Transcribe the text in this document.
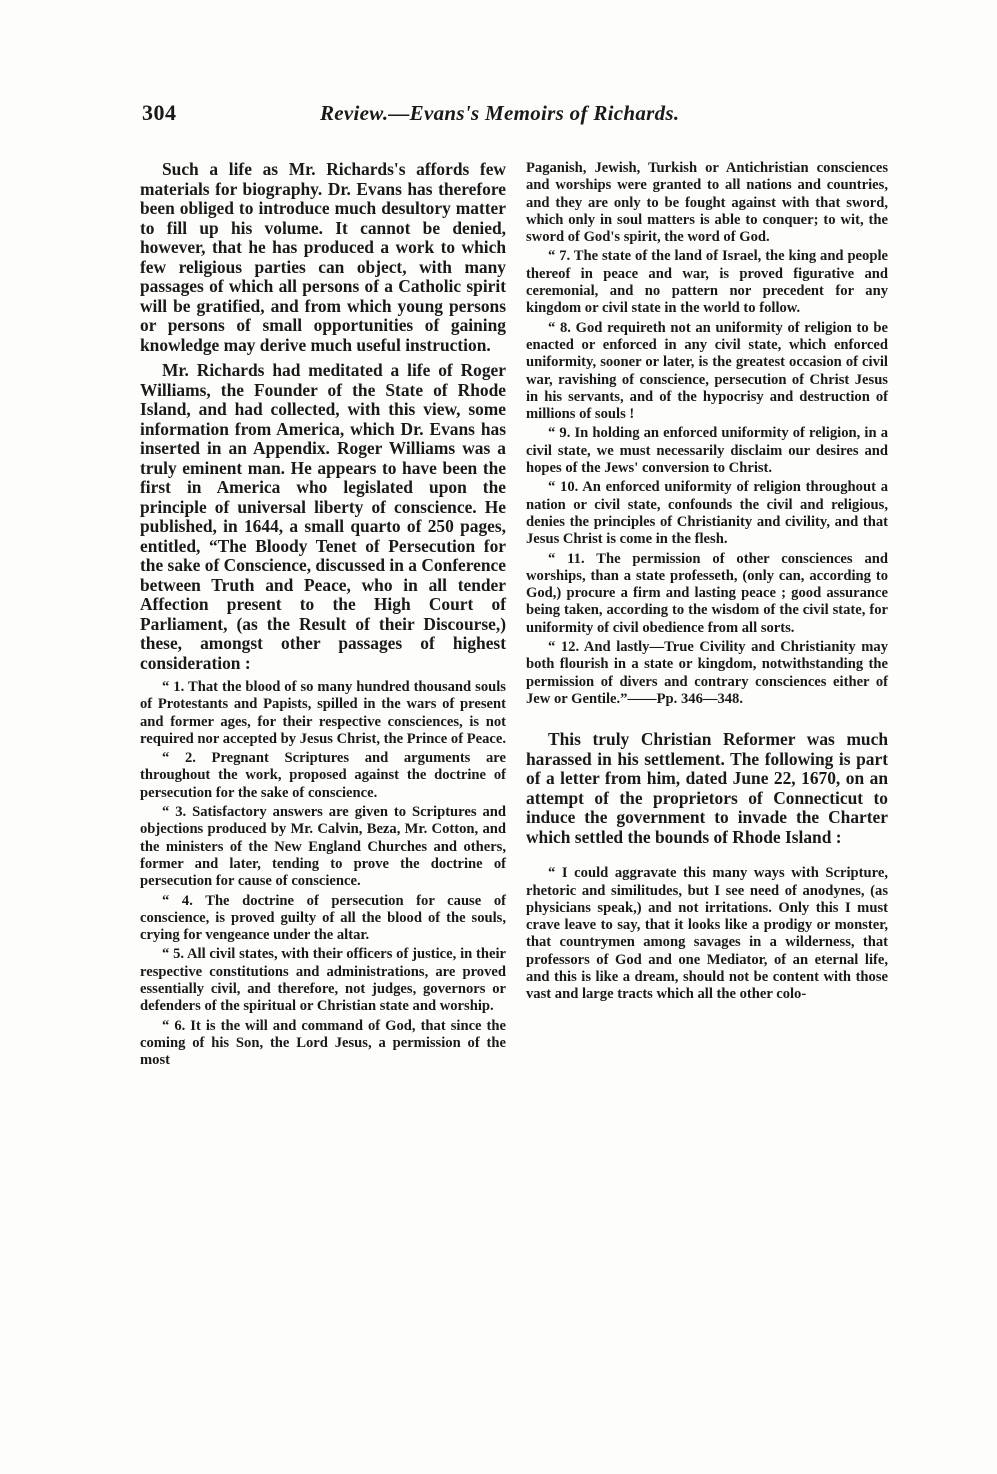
304	Review.—Evans's Memoirs of Richards.

Such a life as Mr. Richards's affords few materials for biography. Dr. Evans has therefore been obliged to introduce much desultory matter to fill up his volume. It cannot be denied, however, that he has produced a work to which few religious parties can object, with many passages of which all persons of a Catholic spirit will be gratified, and from which young persons or persons of small opportunities of gaining knowledge may derive much useful instruction.

Mr. Richards had meditated a life of Roger Williams, the Founder of the State of Rhode Island, and had collected, with this view, some information from America, which Dr. Evans has inserted in an Appendix. Roger Williams was a truly eminent man. He appears to have been the first in America who legislated upon the principle of universal liberty of conscience. He published, in 1644, a small quarto of 250 pages, entitled, “The Bloody Tenet of Persecution for the sake of Conscience, discussed in a Conference between Truth and Peace, who in all tender Affection present to the High Court of Parliament, (as the Result of their Discourse,) these, amongst other passages of highest consideration :

“ 1. That the blood of so many hundred thousand souls of Protestants and Papists, spilled in the wars of present and former ages, for their respective consciences, is not required nor accepted by Jesus Christ, the Prince of Peace.

“ 2. Pregnant Scriptures and arguments are throughout the work, proposed against the doctrine of persecution for the sake of conscience.

“ 3. Satisfactory answers are given to Scriptures and objections produced by Mr. Calvin, Beza, Mr. Cotton, and the ministers of the New England Churches and others, former and later, tending to prove the doctrine of persecution for cause of conscience.

“ 4. The doctrine of persecution for cause of conscience, is proved guilty of all the blood of the souls, crying for vengeance under the altar.

“ 5. All civil states, with their officers of justice, in their respective constitutions and administrations, are proved essentially civil, and therefore, not judges, governors or defenders of the spiritual or Christian state and worship.

“ 6. It is the will and command of God, that since the coming of his Son, the Lord Jesus, a permission of the most

Paganish, Jewish, Turkish or Antichristian consciences and worships were granted to all nations and countries, and they are only to be fought against with that sword, which only in soul matters is able to conquer; to wit, the sword of God's spirit, the word of God.

“ 7. The state of the land of Israel, the king and people thereof in peace and war, is proved figurative and ceremonial, and no pattern nor precedent for any kingdom or civil state in the world to follow.

“ 8. God requireth not an uniformity of religion to be enacted or enforced in any civil state, which enforced uniformity, sooner or later, is the greatest occasion of civil war, ravishing of conscience, persecution of Christ Jesus in his servants, and of the hypocrisy and destruction of millions of souls !

“ 9. In holding an enforced uniformity of religion, in a civil state, we must necessarily disclaim our desires and hopes of the Jews' conversion to Christ.

“ 10. An enforced uniformity of religion throughout a nation or civil state, confounds the civil and religious, denies the principles of Christianity and civility, and that Jesus Christ is come in the flesh.

“ 11. The permission of other consciences and worships, than a state professeth, (only can, according to God,) procure a firm and lasting peace ; good assurance being taken, according to the wisdom of the civil state, for uniformity of civil obedience from all sorts.

“ 12. And lastly—True Civility and Christianity may both flourish in a state or kingdom, notwithstanding the permission of divers and contrary consciences either of Jew or Gentile.”——Pp. 346—348.

This truly Christian Reformer was much harassed in his settlement. The following is part of a letter from him, dated June 22, 1670, on an attempt of the proprietors of Connecticut to induce the government to invade the Charter which settled the bounds of Rhode Island :

“ I could aggravate this many ways with Scripture, rhetoric and similitudes, but I see need of anodynes, (as physicians speak,) and not irritations. Only this I must crave leave to say, that it looks like a prodigy or monster, that countrymen among savages in a wilderness, that professors of God and one Mediator, of an eternal life, and this is like a dream, should not be content with those vast and large tracts which all the other colo-
